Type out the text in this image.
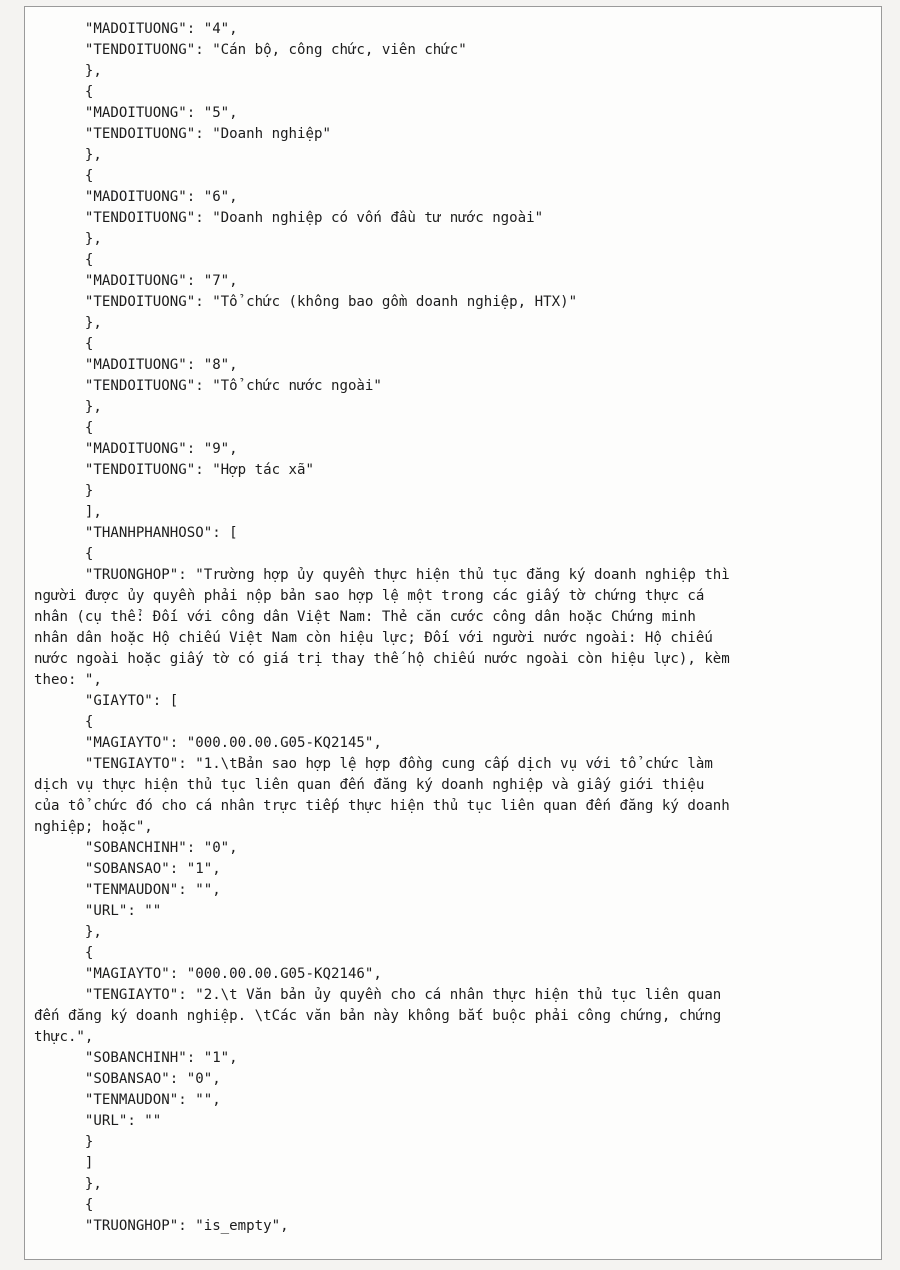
"MADOITUONG": "4",
"TENDOITUONG": "Cán bộ, công chức, viên chức"
},
{
"MADOITUONG": "5",
"TENDOITUONG": "Doanh nghiệp"
},
{
"MADOITUONG": "6",
"TENDOITUONG": "Doanh nghiệp có vốn đầu tư nước ngoài"
},
{
"MADOITUONG": "7",
"TENDOITUONG": "Tổ chức (không bao gồm doanh nghiệp, HTX)"
},
{
"MADOITUONG": "8",
"TENDOITUONG": "Tổ chức nước ngoài"
},
{
"MADOITUONG": "9",
"TENDOITUONG": "Hợp tác xã"
}
],
"THANHPHANHOSO": [
{
"TRUONGHOP": "Trường hợp ủy quyền thực hiện thủ tục đăng ký doanh nghiệp thì
người được ủy quyền phải nộp bản sao hợp lệ một trong các giấy tờ chứng thực cá
nhân (cụ thể: Đối với công dân Việt Nam: Thẻ căn cước công dân hoặc Chứng minh
nhân dân hoặc Hộ chiếu Việt Nam còn hiệu lực; Đối với người nước ngoài: Hộ chiếu
nước ngoài hoặc giấy tờ có giá trị thay thế hộ chiếu nước ngoài còn hiệu lực), kèm
theo: ",
"GIAYTO": [
{
"MAGIAYTO": "000.00.00.G05-KQ2145",
"TENGIAYTO": "1.\tBản sao hợp lệ hợp đồng cung cấp dịch vụ với tổ chức làm
dịch vụ thực hiện thủ tục liên quan đến đăng ký doanh nghiệp và giấy giới thiệu
của tổ chức đó cho cá nhân trực tiếp thực hiện thủ tục liên quan đến đăng ký doanh
nghiệp; hoặc",
"SOBANCHINH": "0",
"SOBANSAO": "1",
"TENMAUDON": "",
"URL": ""
},
{
"MAGIAYTO": "000.00.00.G05-KQ2146",
"TENGIAYTO": "2.\t Văn bản ủy quyền cho cá nhân thực hiện thủ tục liên quan
đến đăng ký doanh nghiệp. \tCác văn bản này không bắt buộc phải công chứng, chứng
thực.",
"SOBANCHINH": "1",
"SOBANSAO": "0",
"TENMAUDON": "",
"URL": ""
}
]
},
{
"TRUONGHOP": "is_empty",
